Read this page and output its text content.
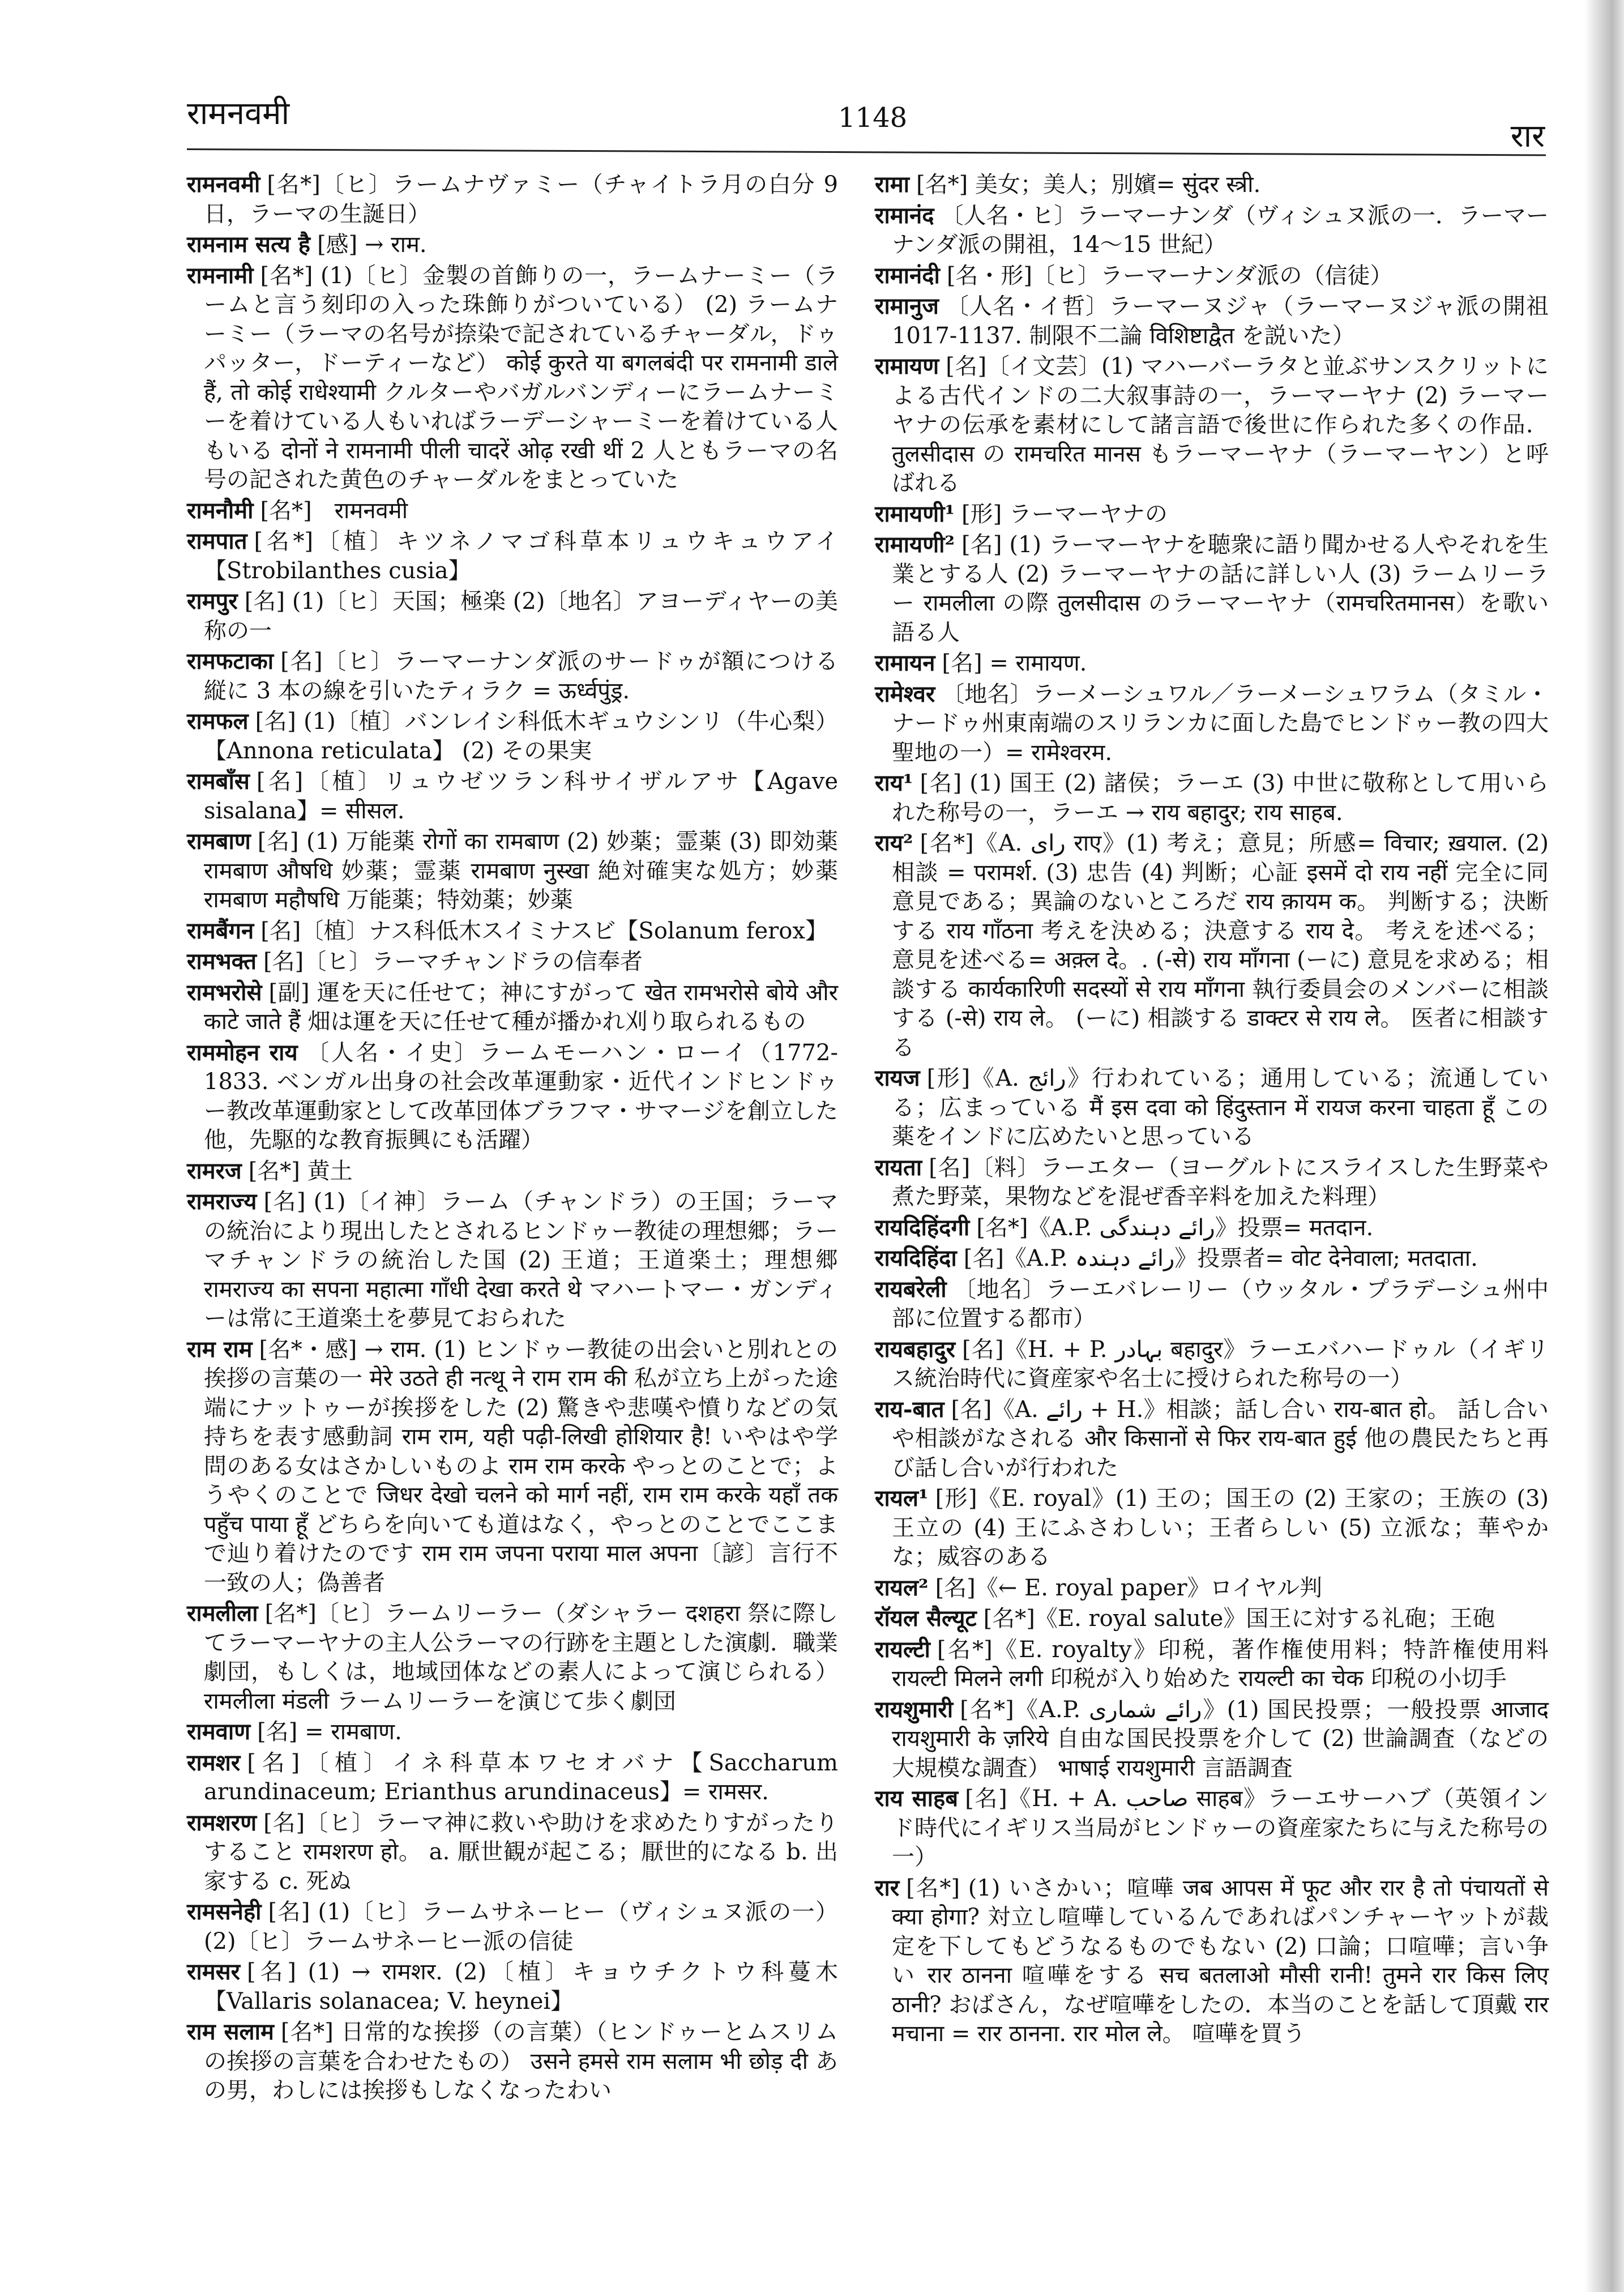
रामनवमी	1148	रार
रामनवमी [名*]〔ヒ〕ラームナヴァミー（チャイトラ月の白分 9 日，ラーマの生誕日）
रामनाम सत्य है [感] → राम.
रामनामी [名*] (1)〔ヒ〕金製の首飾りの一，ラームナーミー（ラームと言う刻印の入った珠飾りがついている） (2) ラームナーミー（ラーマの名号が捺染で記されているチャーダル，ドゥパッター，ドーティーなど） कोई कुरते या बगलबंदी पर रामनामी डाले हैं, तो कोई राधेश्यामी クルターやバガルバンディーにラームナーミーを着けている人もいればラーデーシャーミーを着けている人もいる दोनों ने रामनामी पीली चादरें ओढ़ रखी थीं 2 人ともラーマの名号の記された黄色のチャーダルをまとっていた
रामनौमी [名*]　रामनवमी
रामपात [名*]〔植〕キツネノマゴ科草本リュウキュウアイ【Strobilanthes cusia】
रामपुर [名] (1)〔ヒ〕天国；極楽 (2)〔地名〕アヨーディヤーの美称の一
रामफटाका [名]〔ヒ〕ラーマーナンダ派のサードゥが額につける縦に 3 本の線を引いたティラク = ऊर्ध्वपुंड्र.
रामफल [名] (1)〔植〕バンレイシ科低木ギュウシンリ（牛心梨）【Annona reticulata】 (2) その果実
रामबाँस [名]〔植〕リュウゼツラン科サイザルアサ【Agave sisalana】= सीसल.
रामबाण [名] (1) 万能薬 रोगों का रामबाण (2) 妙薬；霊薬 (3) 即効薬 रामबाण औषधि 妙薬；霊薬 रामबाण नुस्खा 絶対確実な処方；妙薬 रामबाण महौषधि 万能薬；特効薬；妙薬
रामबैंगन [名]〔植〕ナス科低木スイミナスビ【Solanum ferox】
रामभक्त [名]〔ヒ〕ラーマチャンドラの信奉者
रामभरोसे [副] 運を天に任せて；神にすがって खेत रामभरोसे बोये और काटे जाते हैं 畑は運を天に任せて種が播かれ刈り取られるもの
राममोहन राय 〔人名・イ史〕ラームモーハン・ローイ（1772-1833. ベンガル出身の社会改革運動家・近代インドヒンドゥー教改革運動家として改革団体ブラフマ・サマージを創立した他，先駆的な教育振興にも活躍）
रामरज [名*] 黄土
रामराज्य [名] (1)〔イ神〕ラーム（チャンドラ）の王国；ラーマの統治により現出したとされるヒンドゥー教徒の理想郷；ラーマチャンドラの統治した国 (2) 王道；王道楽土；理想郷 रामराज्य का सपना महात्मा गाँधी देखा करते थे マハートマー・ガンディーは常に王道楽土を夢見ておられた
राम राम [名*・感] → राम. (1) ヒンドゥー教徒の出会いと別れとの挨拶の言葉の一 मेरे उठते ही नत्थू ने राम राम की 私が立ち上がった途端にナットゥーが挨拶をした (2) 驚きや悲嘆や憤りなどの気持ちを表す感動詞 राम राम, यही पढ़ी-लिखी होशियार है! いやはや学問のある女はさかしいものよ राम राम करके やっとのことで；ようやくのことで जिधर देखो चलने को मार्ग नहीं, राम राम करके यहाँ तक पहुँच पाया हूँ どちらを向いても道はなく，やっとのことでここまで辿り着けたのです राम राम जपना पराया माल अपना〔諺〕言行不一致の人；偽善者
रामलीला [名*]〔ヒ〕ラームリーラー（ダシャラー दशहरा 祭に際してラーマーヤナの主人公ラーマの行跡を主題とした演劇．職業劇団，もしくは，地域団体などの素人によって演じられる） रामलीला मंडली ラームリーラーを演じて歩く劇団
रामवाण [名] = रामबाण.
रामशर [名]〔植〕イネ科草本ワセオバナ【Saccharum arundinaceum; Erianthus arundinaceus】= रामसर.
रामशरण [名]〔ヒ〕ラーマ神に救いや助けを求めたりすがったりすること रामशरण हो。 a. 厭世観が起こる；厭世的になる b. 出家する c. 死ぬ
रामसनेही [名] (1)〔ヒ〕ラームサネーヒー（ヴィシュヌ派の一） (2)〔ヒ〕ラームサネーヒー派の信徒
रामसर [名] (1) → रामशर. (2)〔植〕キョウチクトウ科蔓木【Vallaris solanacea; V. heynei】
राम सलाम [名*] 日常的な挨拶（の言葉）（ヒンドゥーとムスリムの挨拶の言葉を合わせたもの） उसने हमसे राम सलाम भी छोड़ दी あの男，わしには挨拶もしなくなったわい
रामा [名*] 美女；美人；別嬪= सुंदर स्त्री.
रामानंद 〔人名・ヒ〕ラーマーナンダ（ヴィシュヌ派の一．ラーマーナンダ派の開祖，14〜15 世紀）
रामानंदी [名・形]〔ヒ〕ラーマーナンダ派の（信徒）
रामानुज 〔人名・イ哲〕ラーマーヌジャ（ラーマーヌジャ派の開祖 1017-1137. 制限不二論 विशिष्टाद्वैत を説いた）
रामायण [名]〔イ文芸〕(1) マハーバーラタと並ぶサンスクリットによる古代インドの二大叙事詩の一，ラーマーヤナ (2) ラーマーヤナの伝承を素材にして諸言語で後世に作られた多くの作品． तुलसीदास の रामचरित मानस もラーマーヤナ（ラーマーヤン）と呼ばれる
रामायणी¹ [形] ラーマーヤナの
रामायणी² [名] (1) ラーマーヤナを聴衆に語り聞かせる人やそれを生業とする人 (2) ラーマーヤナの話に詳しい人 (3) ラームリーラー रामलीला の際 तुलसीदास のラーマーヤナ（रामचरितमानस）を歌い語る人
रामायन [名] = रामायण.
रामेश्वर 〔地名〕ラーメーシュワル／ラーメーシュワラム（タミル・ナードゥ州東南端のスリランカに面した島でヒンドゥー教の四大聖地の一）= रामेश्वरम.
राय¹ [名] (1) 国王 (2) 諸侯；ラーエ (3) 中世に敬称として用いられた称号の一，ラーエ → राय बहादुर; राय साहब.
राय² [名*]《A. رای राए》(1) 考え；意見；所感= विचार; ख़याल. (2) 相談 = परामर्श. (3) 忠告 (4) 判断；心証 इसमें दो राय नहीं 完全に同意見である；異論のないところだ राय क़ायम क。 判断する；決断する राय गाँठना 考えを決める；決意する राय दे。 考えを述べる；意見を述べる= अक़्ल दे。. (-से) राय माँगना (ーに) 意見を求める；相談する कार्यकारिणी सदस्यों से राय माँगना 執行委員会のメンバーに相談する (-से) राय ले。 (ーに) 相談する डाक्टर से राय ले。 医者に相談する
रायज [形]《A. رائج》行われている；通用している；流通している；広まっている मैं इस दवा को हिंदुस्तान में रायज करना चाहता हूँ この薬をインドに広めたいと思っている
रायता [名]〔料〕ラーエター（ヨーグルトにスライスした生野菜や煮た野菜，果物などを混ぜ香辛料を加えた料理）
रायदिहिंदगी [名*]《A.P. رائے دہندگی》投票= मतदान.
रायदिहिंदा [名]《A.P. رائے دہندہ》投票者= वोट देनेवाला; मतदाता.
रायबरेली 〔地名〕ラーエバレーリー（ウッタル・プラデーシュ州中部に位置する都市）
रायबहादुर [名]《H. + P. بہادر बहादुर》ラーエバハードゥル（イギリス統治時代に資産家や名士に授けられた称号の一）
राय-बात [名]《A. رائے + H.》相談；話し合い राय-बात हो。 話し合いや相談がなされる और किसानों से फिर राय-बात हुई 他の農民たちと再び話し合いが行われた
रायल¹ [形]《E. royal》(1) 王の；国王の (2) 王家の；王族の (3) 王立の (4) 王にふさわしい；王者らしい (5) 立派な；華やかな；威容のある
रायल² [名]《← E. royal paper》ロイヤル判
रॉयल सैल्यूट [名*]《E. royal salute》国王に対する礼砲；王砲
रायल्टी [名*]《E. royalty》印税，著作権使用料；特許権使用料 रायल्टी मिलने लगी 印税が入り始めた रायल्टी का चेक 印税の小切手
रायशुमारी [名*]《A.P. رائے شماری》(1) 国民投票；一般投票 आजाद रायशुमारी के ज़रिये 自由な国民投票を介して (2) 世論調査（などの大規模な調査） भाषाई रायशुमारी 言語調査
राय साहब [名]《H. + A. صاحب साहब》ラーエサーハブ（英領インド時代にイギリス当局がヒンドゥーの資産家たちに与えた称号の一）
रार [名*] (1) いさかい；喧嘩 जब आपस में फूट और रार है तो पंचायतों से क्या होगा? 対立し喧嘩しているんであればパンチャーヤットが裁定を下してもどうなるものでもない (2) 口論；口喧嘩；言い争い रार ठानना 喧嘩をする सच बतलाओ मौसी रानी! तुमने रार किस लिए ठानी? おばさん，なぜ喧嘩をしたの．本当のことを話して頂戴 रार मचाना = रार ठानना. रार मोल ले。 喧嘩を買う
